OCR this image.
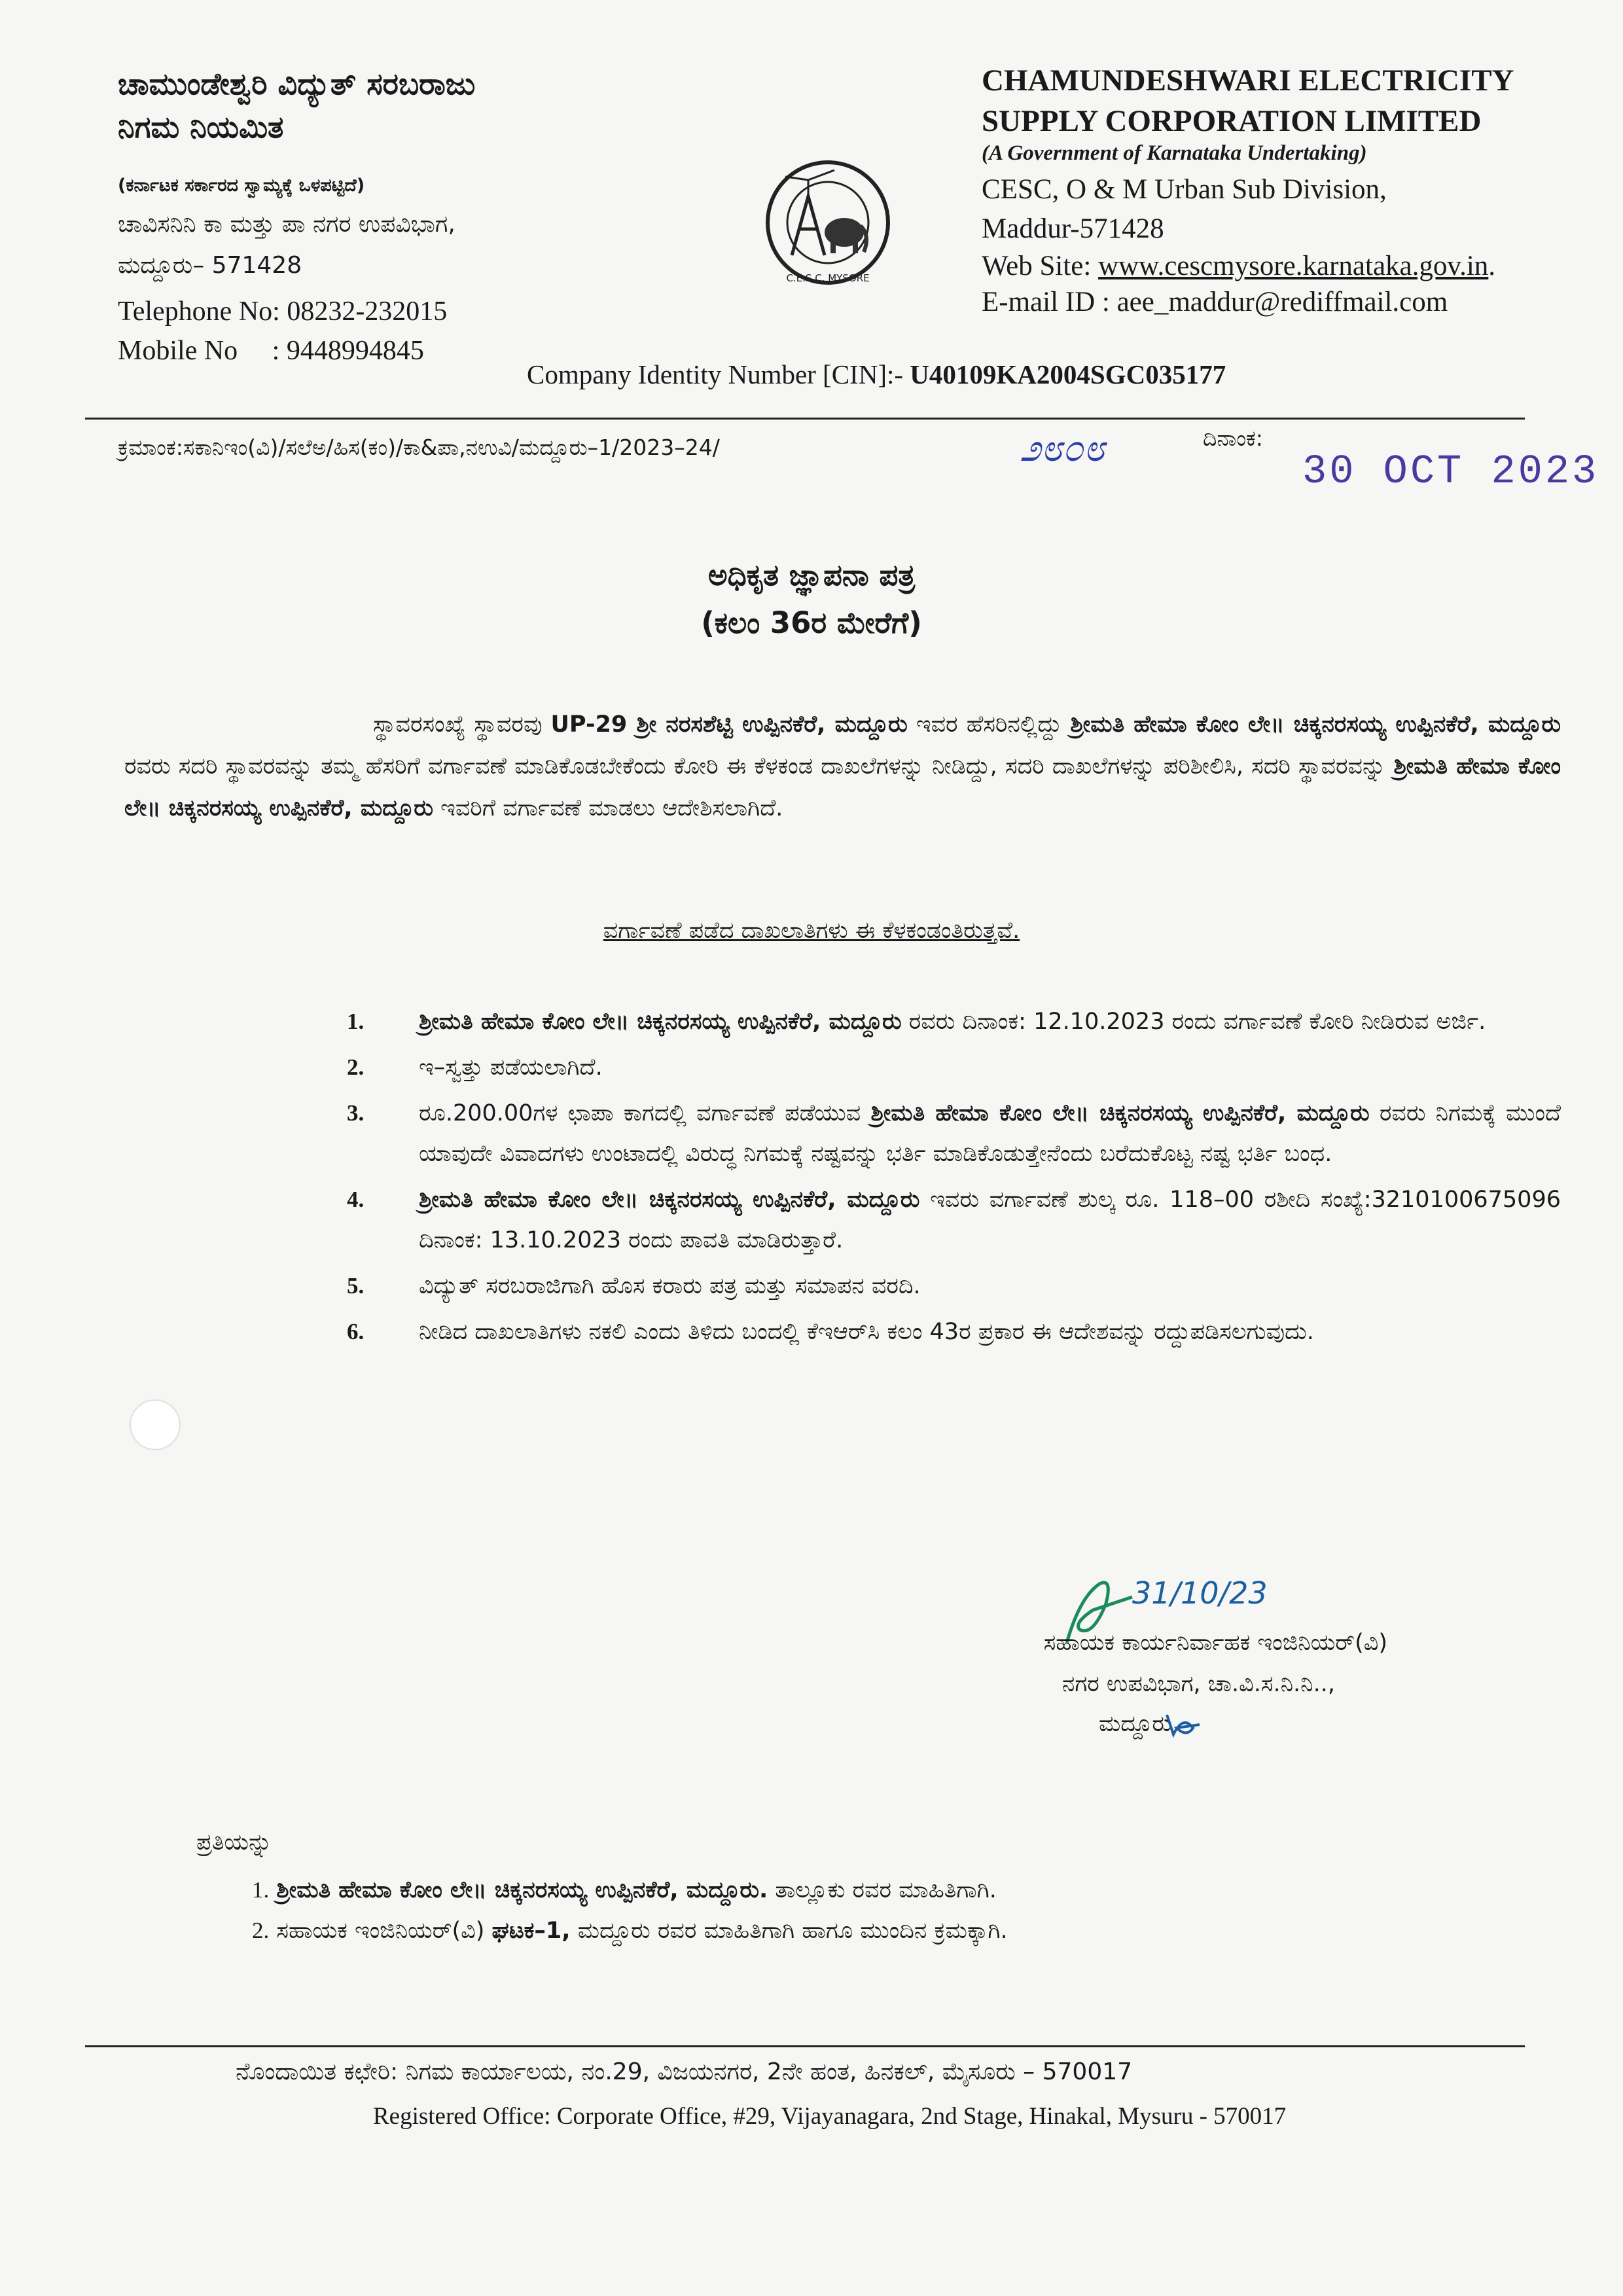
ಚಾಮುಂಡೇಶ್ವರಿ ವಿದ್ಯುತ್ ಸರಬರಾಜು
ನಿಗಮ ನಿಯಮಿತ
(ಕರ್ನಾಟಕ ಸರ್ಕಾರದ ಸ್ವಾಮ್ಯಕ್ಕೆ ಒಳಪಟ್ಟಿದೆ)
ಚಾವಿಸನಿನಿ ಕಾ ಮತ್ತು ಪಾ ನಗರ ಉಪವಿಭಾಗ,
ಮದ್ದೂರು– 571428
Telephone No: 08232-232015
Mobile No     : 9448994845
C.E.S.C. MYSORE
CHAMUNDESHWARI ELECTRICITY
SUPPLY CORPORATION LIMITED
(A Government of Karnataka Undertaking)
CESC, O & M Urban Sub Division,
Maddur-571428
Web Site: www.cescmysore.karnataka.gov.in.
E-mail ID : aee_maddur@rediffmail.com
Company Identity Number [CIN]:- U40109KA2004SGC035177
ಕ್ರಮಾಂಕ:ಸಕಾನಿಇಂ(ವಿ)/ಸಲೆಅ/ಹಿಸ(ಕಂ)/ಕಾ&ಪಾ,ನಉವಿ/ಮದ್ದೂರು–1/2023–24/	೨೮೦೮	ದಿನಾಂಕ:
30 OCT 2023
ಅಧಿಕೃತ ಜ್ಞಾಪನಾ ಪತ್ರ
(ಕಲಂ 36ರ ಮೇರೆಗೆ)

ಸ್ಥಾವರಸಂಖ್ಯೆ ಸ್ಥಾವರವು UP-29 ಶ್ರೀ ನರಸಶೆಟ್ಟಿ ಉಪ್ಪಿನಕೆರೆ, ಮದ್ದೂರು ಇವರ ಹೆಸರಿನಲ್ಲಿದ್ದು ಶ್ರೀಮತಿ ಹೇಮಾ ಕೋಂ ಲೇ॥ ಚಿಕ್ಕನರಸಯ್ಯ ಉಪ್ಪಿನಕೆರೆ, ಮದ್ದೂರು ರವರು ಸದರಿ ಸ್ಥಾವರವನ್ನು ತಮ್ಮ ಹೆಸರಿಗೆ ವರ್ಗಾವಣೆ ಮಾಡಿಕೊಡಬೇಕೆಂದು ಕೋರಿ ಈ ಕೆಳಕಂಡ ದಾಖಲೆಗಳನ್ನು ನೀಡಿದ್ದು, ಸದರಿ ದಾಖಲೆಗಳನ್ನು ಪರಿಶೀಲಿಸಿ, ಸದರಿ ಸ್ಥಾವರವನ್ನು ಶ್ರೀಮತಿ ಹೇಮಾ ಕೋಂ ಲೇ॥ ಚಿಕ್ಕನರಸಯ್ಯ ಉಪ್ಪಿನಕೆರೆ, ಮದ್ದೂರು ಇವರಿಗೆ ವರ್ಗಾವಣೆ ಮಾಡಲು ಆದೇಶಿಸಲಾಗಿದೆ.

ವರ್ಗಾವಣೆ ಪಡೆದ ದಾಖಲಾತಿಗಳು ಈ ಕೆಳಕಂಡಂತಿರುತ್ತವೆ.
1. ಶ್ರೀಮತಿ ಹೇಮಾ ಕೋಂ ಲೇ॥ ಚಿಕ್ಕನರಸಯ್ಯ ಉಪ್ಪಿನಕೆರೆ, ಮದ್ದೂರು ರವರು ದಿನಾಂಕ: 12.10.2023 ರಂದು ವರ್ಗಾವಣೆ ಕೋರಿ ನೀಡಿರುವ ಅರ್ಜಿ.
2. ಇ–ಸ್ವತ್ತು ಪಡೆಯಲಾಗಿದೆ.
3. ರೂ.200.00ಗಳ ಛಾಪಾ ಕಾಗದಲ್ಲಿ ವರ್ಗಾವಣೆ ಪಡೆಯುವ ಶ್ರೀಮತಿ ಹೇಮಾ ಕೋಂ ಲೇ॥ ಚಿಕ್ಕನರಸಯ್ಯ ಉಪ್ಪಿನಕೆರೆ, ಮದ್ದೂರು ರವರು ನಿಗಮಕ್ಕೆ ಮುಂದೆ ಯಾವುದೇ ವಿವಾದಗಳು ಉಂಟಾದಲ್ಲಿ ವಿರುದ್ಧ ನಿಗಮಕ್ಕೆ ನಷ್ಟವನ್ನು ಭರ್ತಿ ಮಾಡಿಕೊಡುತ್ತೇನೆಂದು ಬರೆದುಕೊಟ್ಟ ನಷ್ಟ ಭರ್ತಿ ಬಂಧ.
4. ಶ್ರೀಮತಿ ಹೇಮಾ ಕೋಂ ಲೇ॥ ಚಿಕ್ಕನರಸಯ್ಯ ಉಪ್ಪಿನಕೆರೆ, ಮದ್ದೂರು ಇವರು ವರ್ಗಾವಣೆ ಶುಲ್ಕ ರೂ. 118–00 ರಶೀದಿ ಸಂಖ್ಯೆ:3210100675096 ದಿನಾಂಕ: 13.10.2023 ರಂದು ಪಾವತಿ ಮಾಡಿರುತ್ತಾರೆ.
5. ವಿದ್ಯುತ್ ಸರಬರಾಜಿಗಾಗಿ ಹೊಸ ಕರಾರು ಪತ್ರ ಮತ್ತು ಸಮಾಪನ ವರದಿ.
6. ನೀಡಿದ ದಾಖಲಾತಿಗಳು ನಕಲಿ ಎಂದು ತಿಳಿದು ಬಂದಲ್ಲಿ ಕೆಇಆರ್‌ಸಿ ಕಲಂ 43ರ ಪ್ರಕಾರ ಈ ಆದೇಶವನ್ನು ರದ್ದುಪಡಿಸಲಗುವುದು.
31/10/23
ಸಹಾಯಕ ಕಾರ್ಯನಿರ್ವಾಹಕ ಇಂಜಿನಿಯರ್(ವಿ)
ನಗರ ಉಪವಿಭಾಗ, ಚಾ.ವಿ.ಸ.ನಿ.ನಿ..,
ಮದ್ದೂರು
ಪ್ರತಿಯನ್ನು
1. ಶ್ರೀಮತಿ ಹೇಮಾ ಕೋಂ ಲೇ॥ ಚಿಕ್ಕನರಸಯ್ಯ ಉಪ್ಪಿನಕೆರೆ, ಮದ್ದೂರು. ತಾಲ್ಲೂಕು ರವರ ಮಾಹಿತಿಗಾಗಿ.
2. ಸಹಾಯಕ ಇಂಜಿನಿಯರ್(ವಿ) ಘಟಕ–1, ಮದ್ದೂರು ರವರ ಮಾಹಿತಿಗಾಗಿ ಹಾಗೂ ಮುಂದಿನ ಕ್ರಮಕ್ಕಾಗಿ.
ನೊಂದಾಯಿತ ಕಛೇರಿ: ನಿಗಮ ಕಾರ್ಯಾಲಯ, ನಂ.29, ವಿಜಯನಗರ, 2ನೇ ಹಂತ, ಹಿನಕಲ್, ಮೈಸೂರು – 570017
Registered Office: Corporate Office, #29, Vijayanagara, 2nd Stage, Hinakal, Mysuru - 570017
